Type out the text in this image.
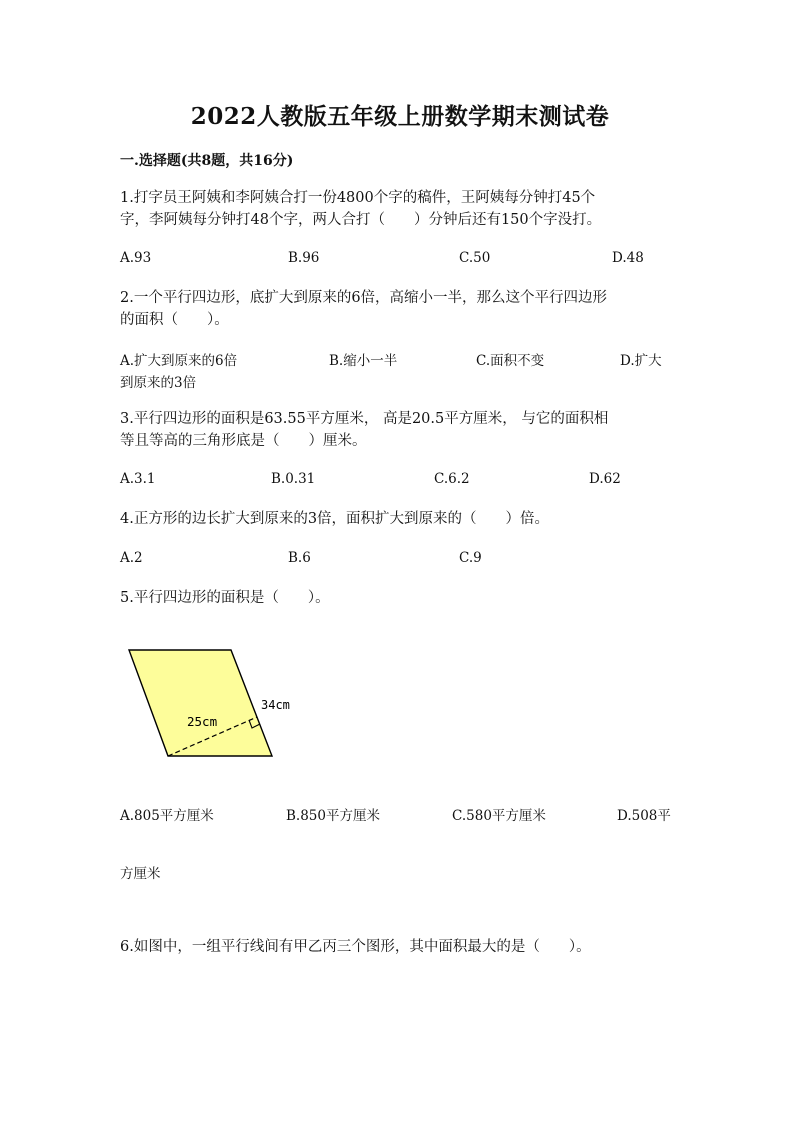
2022人教版五年级上册数学期末测试卷
一.选择题(共8题，共16分)
1.打字员王阿姨和李阿姨合打一份4800个字的稿件，王阿姨每分钟打45个
字，李阿姨每分钟打48个字，两人合打（　　）分钟后还有150个字没打。
A.93	B.96	C.50	D.48
2.一个平行四边形，底扩大到原来的6倍，高缩小一半，那么这个平行四边形
的面积（　　）。
A.扩大到原来的6倍	B.缩小一半	C.面积不变	D.扩大
到原来的3倍
3.平行四边形的面积是63.55平方厘米， 高是20.5平方厘米， 与它的面积相
等且等高的三角形底是（　　）厘米。
A.3.1	B.0.31	C.6.2	D.62
4.正方形的边长扩大到原来的3倍，面积扩大到原来的（　　）倍。
A.2	B.6	C.9
5.平行四边形的面积是（　　）。
25cm
34cm
A.805平方厘米	B.850平方厘米	C.580平方厘米	D.508平
方厘米
6.如图中，一组平行线间有甲乙丙三个图形，其中面积最大的是（　　）。
